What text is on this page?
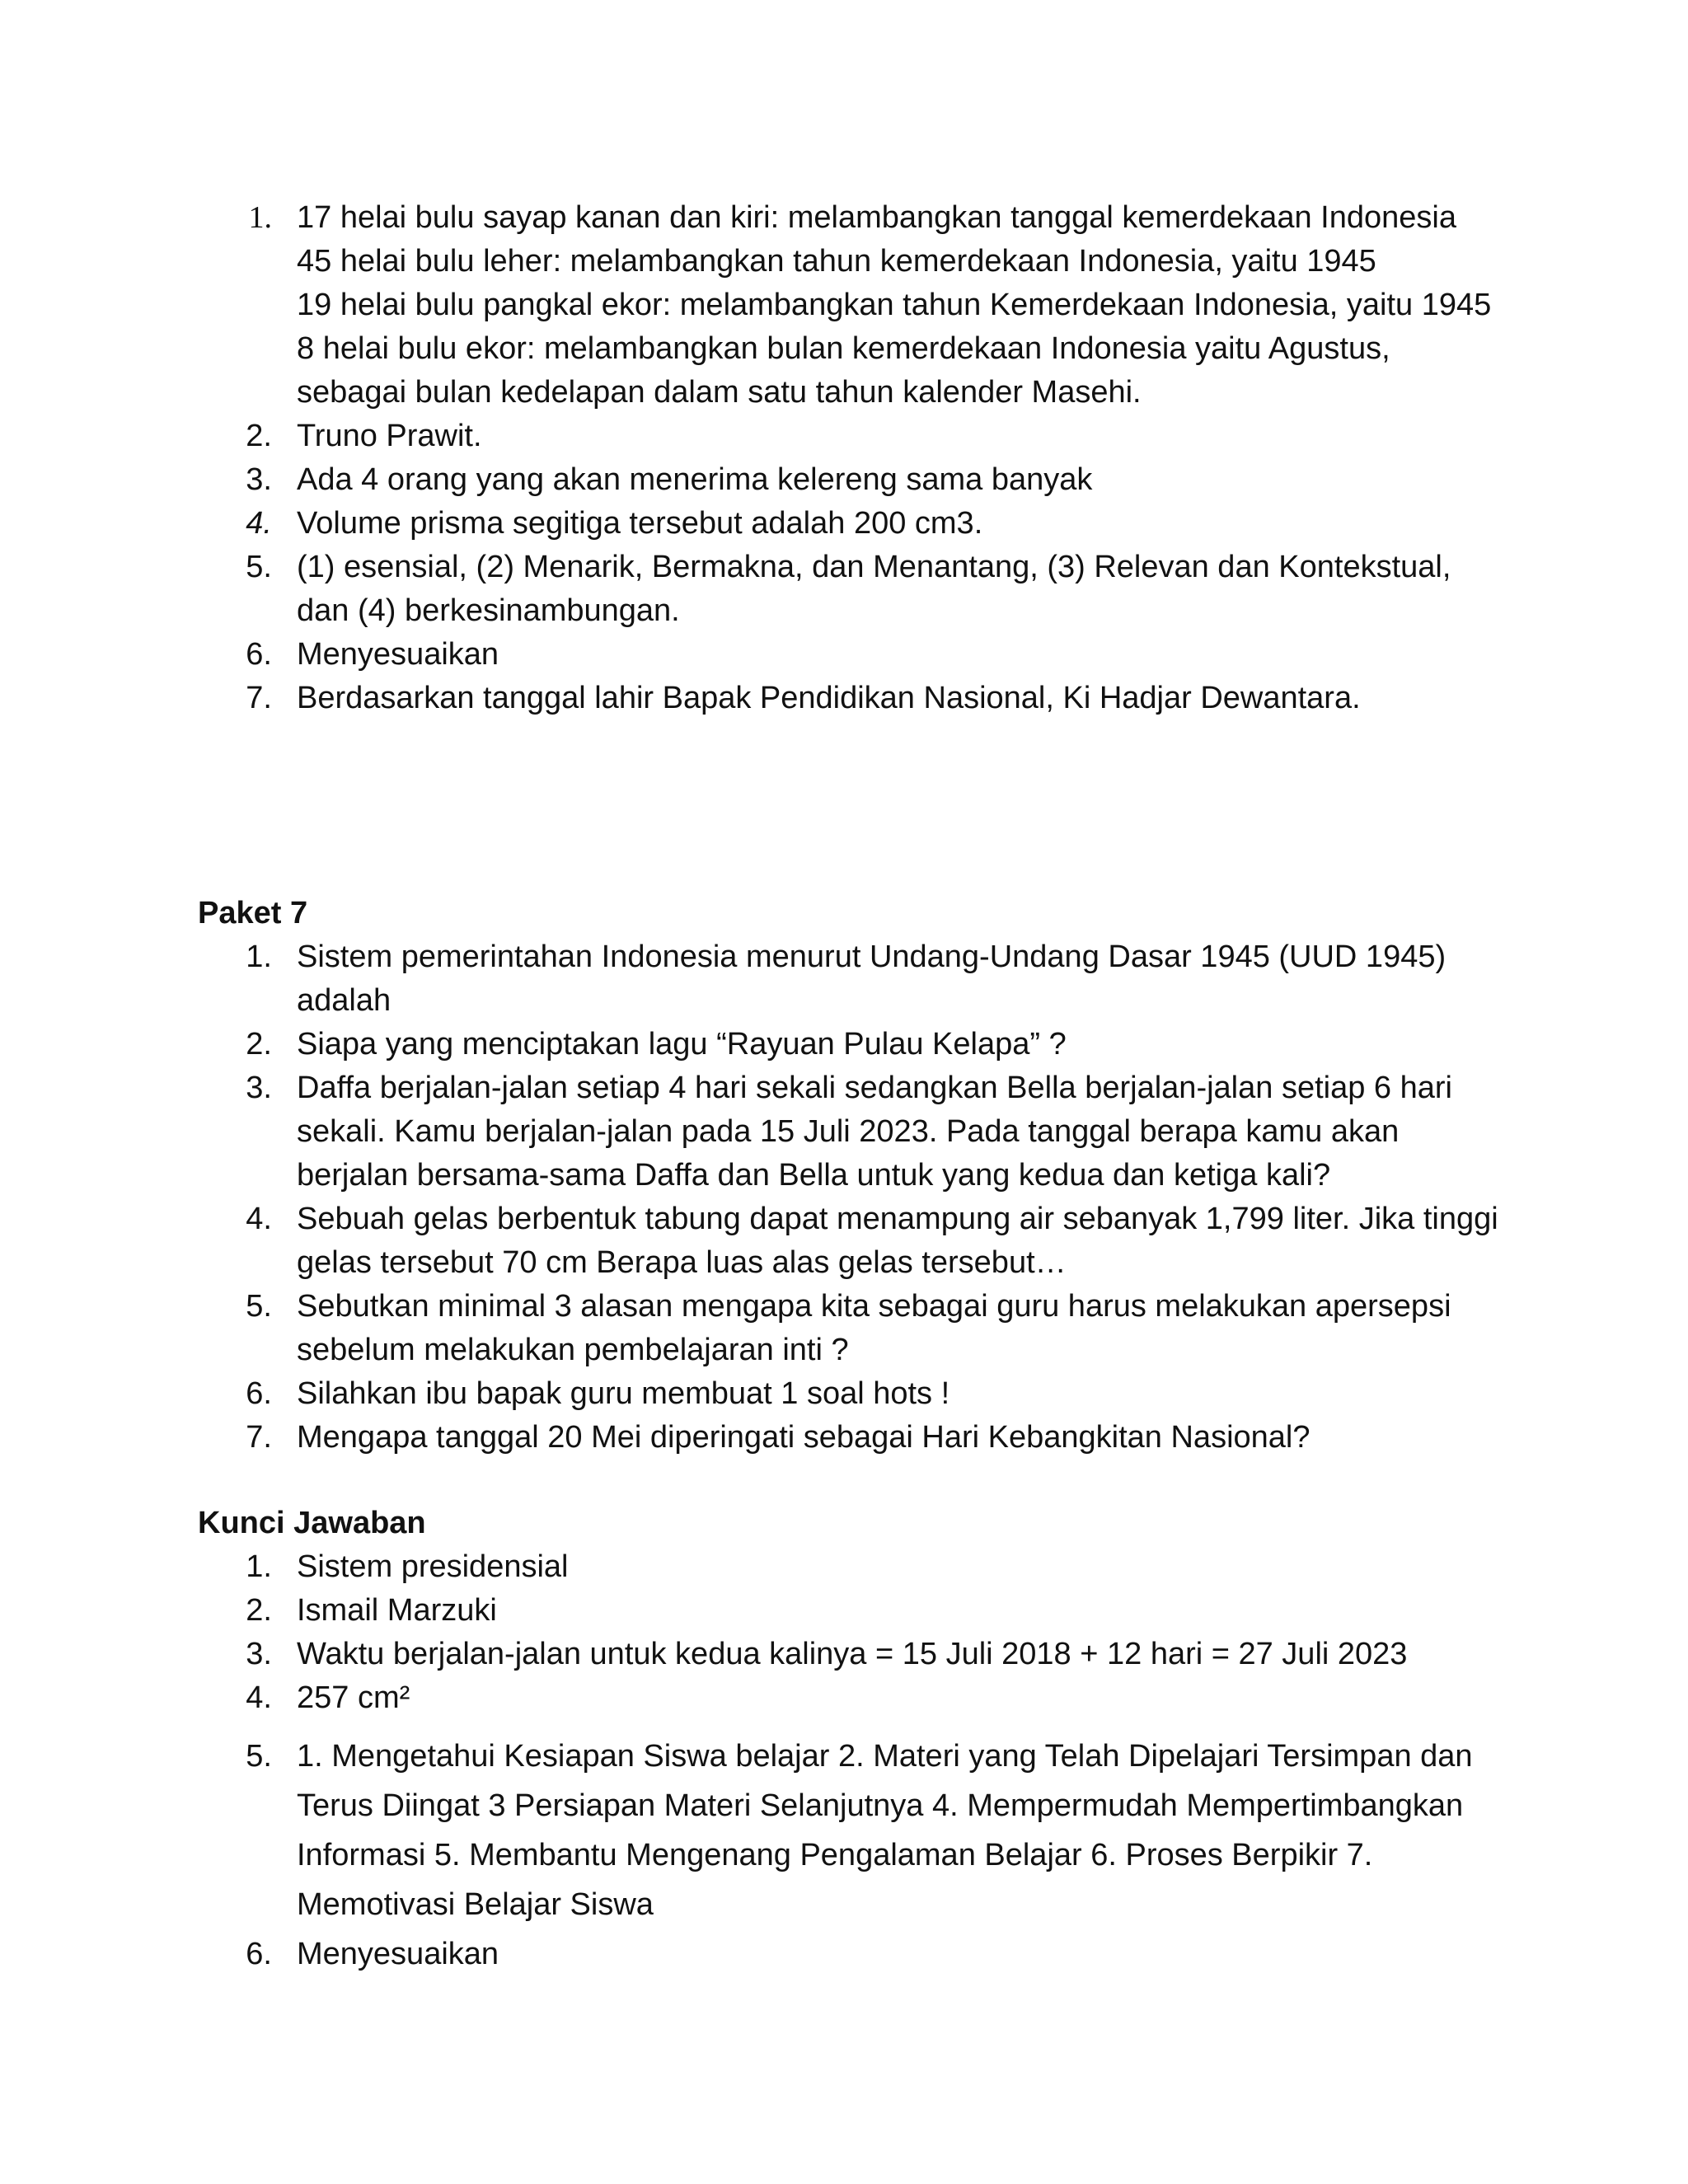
1. 17 helai bulu sayap kanan dan kiri: melambangkan tanggal kemerdekaan Indonesia
45 helai bulu leher: melambangkan tahun kemerdekaan Indonesia, yaitu 1945
19 helai bulu pangkal ekor: melambangkan tahun Kemerdekaan Indonesia, yaitu 1945
8 helai bulu ekor: melambangkan bulan kemerdekaan Indonesia yaitu Agustus, sebagai bulan kedelapan dalam satu tahun kalender Masehi.
2. Truno Prawit.
3. Ada 4 orang yang akan menerima kelereng sama banyak
4. Volume prisma segitiga tersebut adalah 200 cm3.
5. (1) esensial, (2) Menarik, Bermakna, dan Menantang, (3) Relevan dan Kontekstual, dan (4) berkesinambungan.
6. Menyesuaikan
7. Berdasarkan tanggal lahir Bapak Pendidikan Nasional, Ki Hadjar Dewantara.
Paket 7
1. Sistem pemerintahan Indonesia menurut Undang-Undang Dasar 1945 (UUD 1945) adalah
2. Siapa yang menciptakan lagu “Rayuan Pulau Kelapa” ?
3. Daffa berjalan-jalan setiap 4 hari sekali sedangkan Bella berjalan-jalan setiap 6 hari sekali. Kamu berjalan-jalan pada 15 Juli 2023. Pada tanggal berapa kamu akan berjalan bersama-sama Daffa dan Bella untuk yang kedua dan ketiga kali?
4. Sebuah gelas berbentuk tabung dapat menampung air sebanyak 1,799 liter. Jika tinggi gelas tersebut 70 cm Berapa luas alas gelas tersebut…
5. Sebutkan minimal 3 alasan mengapa kita sebagai guru harus melakukan apersepsi sebelum melakukan pembelajaran inti ?
6. Silahkan ibu bapak guru membuat 1 soal hots !
7. Mengapa tanggal 20 Mei diperingati sebagai Hari Kebangkitan Nasional?
Kunci Jawaban
1. Sistem presidensial
2. Ismail Marzuki
3. Waktu berjalan-jalan untuk kedua kalinya = 15 Juli 2018 + 12 hari = 27 Juli 2023
4. 257 cm²
5. 1. Mengetahui Kesiapan Siswa belajar 2. Materi yang Telah Dipelajari Tersimpan dan Terus Diingat 3 Persiapan Materi Selanjutnya 4. Mempermudah Mempertimbangkan Informasi 5. Membantu Mengenang Pengalaman Belajar 6. Proses Berpikir 7. Memotivasi Belajar Siswa
6. Menyesuaikan
